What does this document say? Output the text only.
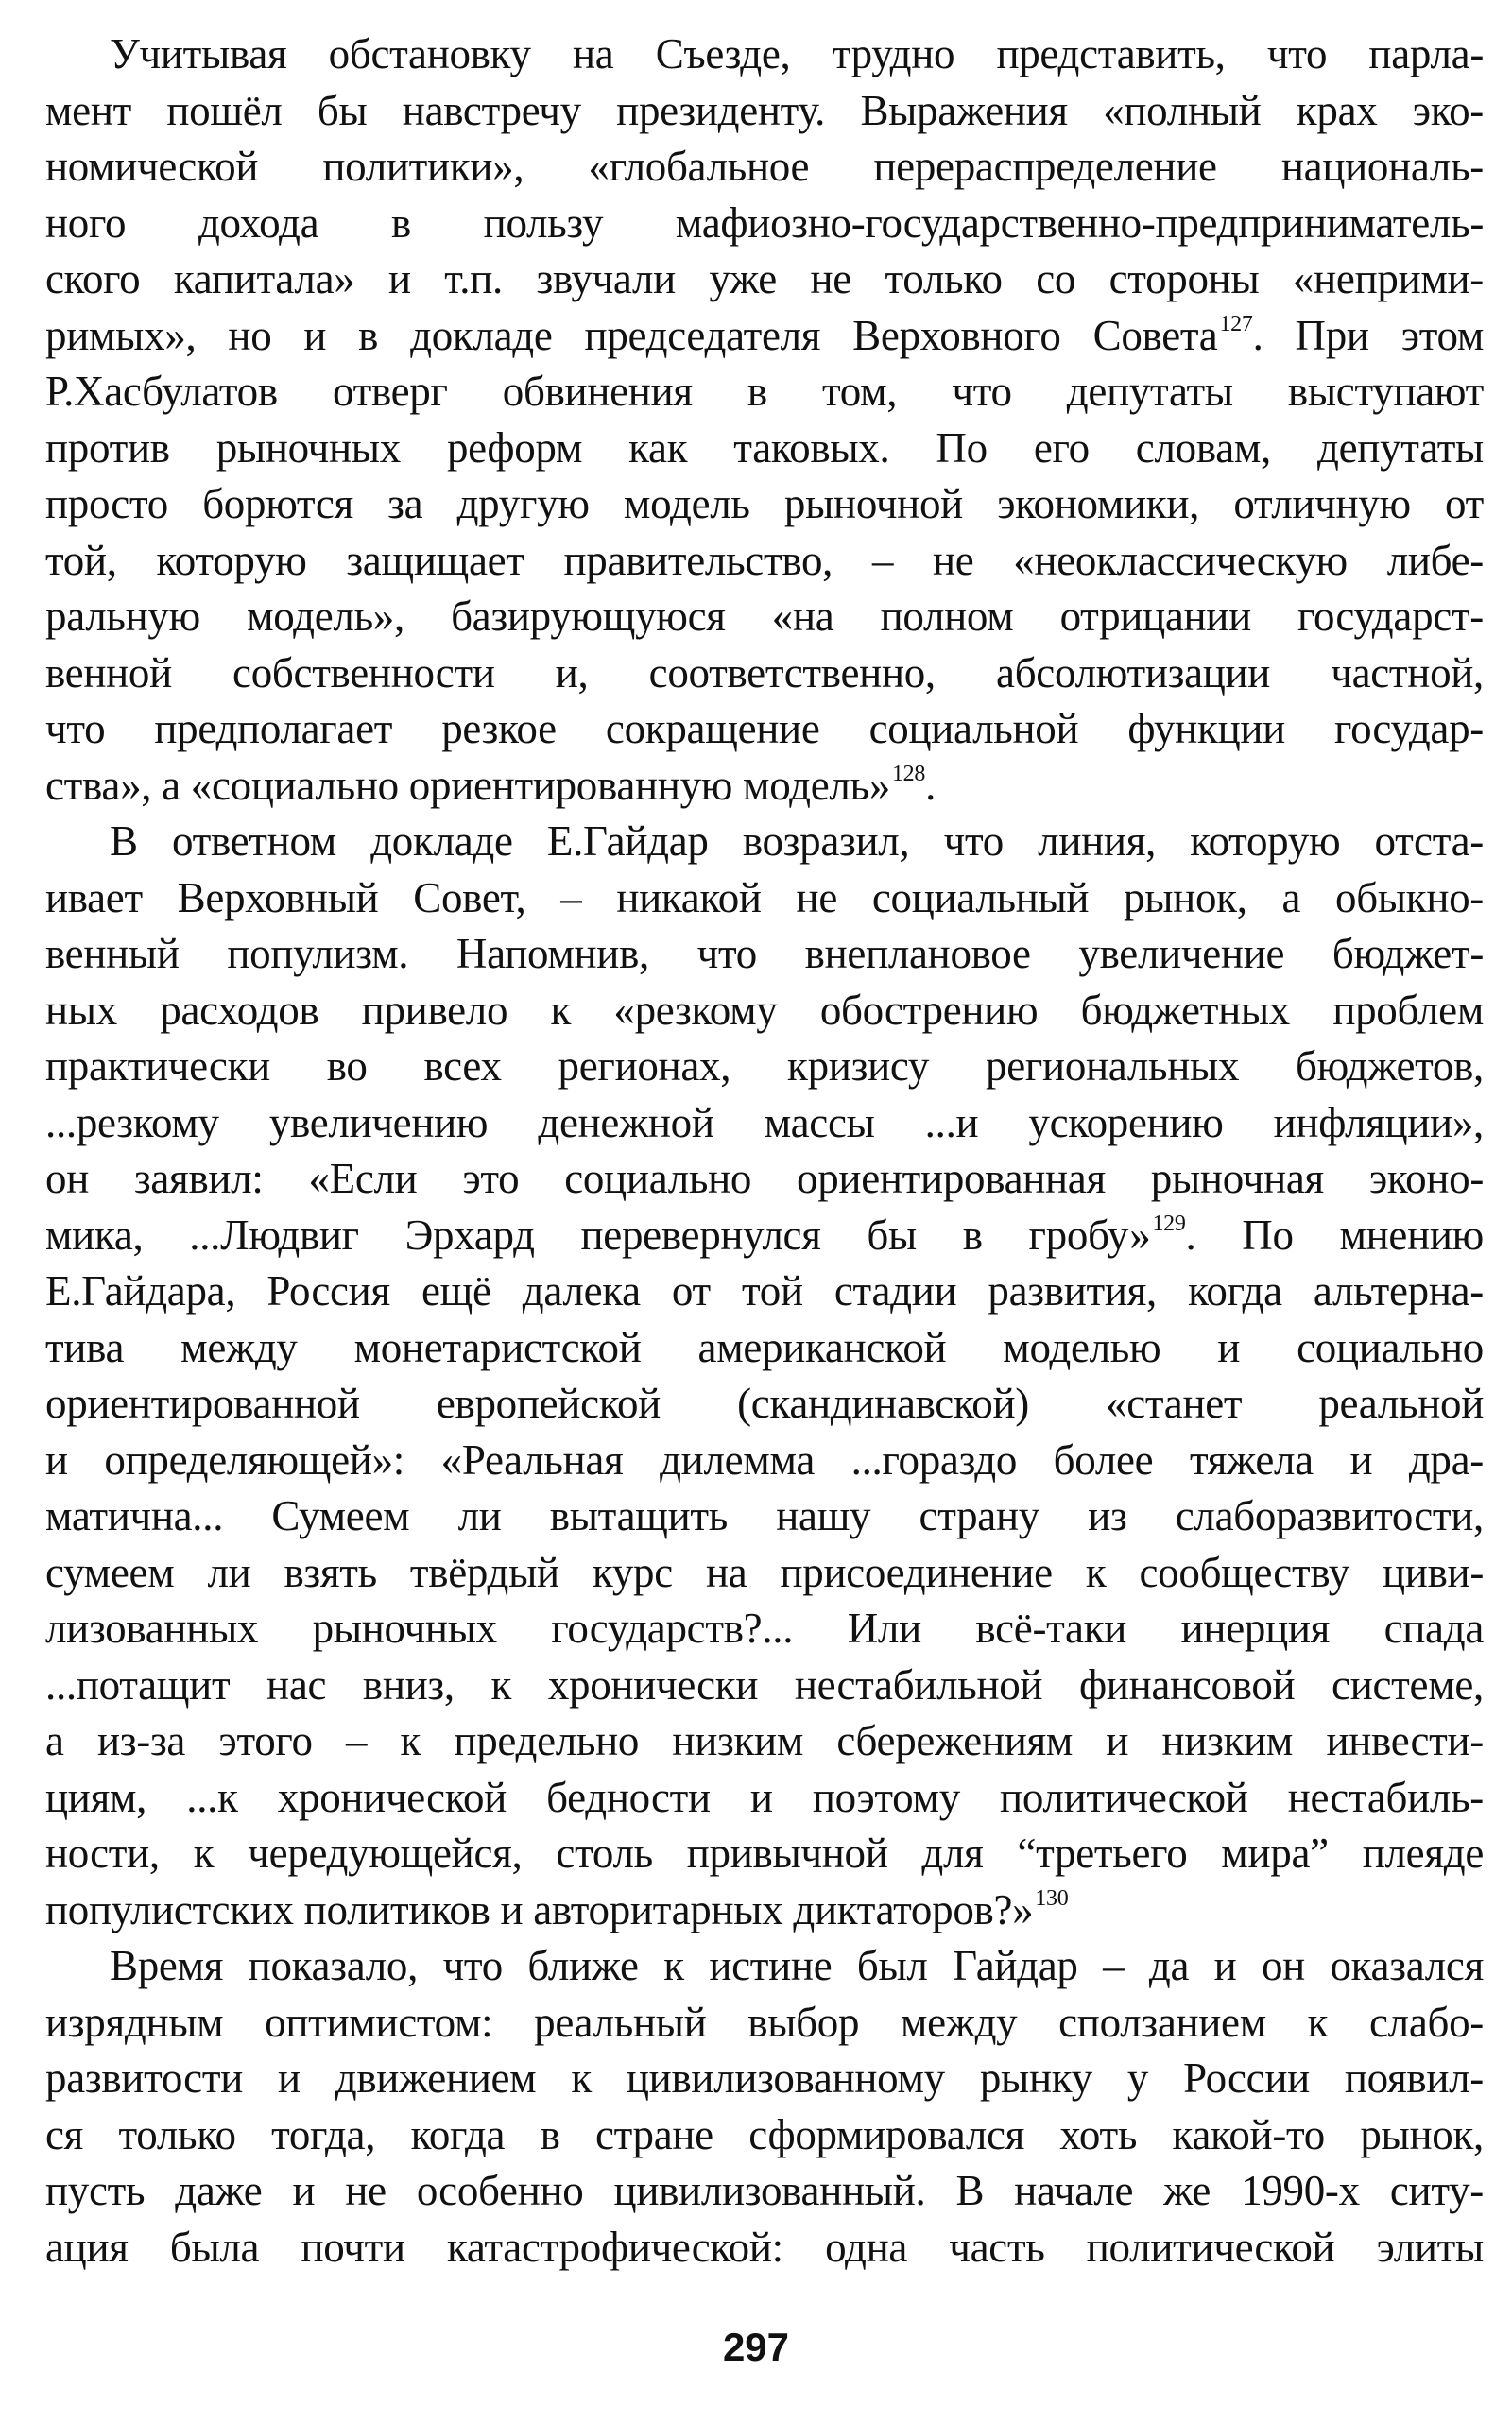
Учитывая обстановку на Съезде, трудно представить, что парла-
мент пошёл бы навстречу президенту. Выражения «полный крах эко-
номической политики», «глобальное перераспределение националь-
ного дохода в пользу мафиозно-государственно-предприниматель-
ского капитала» и т.п. звучали уже не только со стороны «неприми-
римых», но и в докладе председателя Верховного Совета$^{127}$. При этом
Р.Хасбулатов отверг обвинения в том, что депутаты выступают
против рыночных реформ как таковых. По его словам, депутаты
просто борются за другую модель рыночной экономики, отличную от
той, которую защищает правительство, – не «неоклассическую либе-
ральную модель», базирующуюся «на полном отрицании государст-
венной собственности и, соответственно, абсолютизации частной,
что предполагает резкое сокращение социальной функции государ-
ства», а «социально ориентированную модель»$^{128}$.
В ответном докладе Е.Гайдар возразил, что линия, которую отста-
ивает Верховный Совет, – никакой не социальный рынок, а обыкно-
венный популизм. Напомнив, что внеплановое увеличение бюджет-
ных расходов привело к «резкому обострению бюджетных проблем
практически во всех регионах, кризису региональных бюджетов,
...резкому увеличению денежной массы ...и ускорению инфляции»,
он заявил: «Если это социально ориентированная рыночная эконо-
мика, ...Людвиг Эрхард перевернулся бы в гробу»$^{129}$. По мнению
Е.Гайдара, Россия ещё далека от той стадии развития, когда альтерна-
тива между монетаристской американской моделью и социально
ориентированной европейской (скандинавской) «станет реальной
и определяющей»: «Реальная дилемма ...гораздо более тяжела и дра-
матична... Сумеем ли вытащить нашу страну из слаборазвитости,
сумеем ли взять твёрдый курс на присоединение к сообществу циви-
лизованных рыночных государств?... Или всё-таки инерция спада
...потащит нас вниз, к хронически нестабильной финансовой системе,
а из-за этого – к предельно низким сбережениям и низким инвести-
циям, ...к хронической бедности и поэтому политической нестабиль-
ности, к чередующейся, столь привычной для “третьего мира” плеяде
популистских политиков и авторитарных диктаторов?»$^{130}$
Время показало, что ближе к истине был Гайдар – да и он оказался
изрядным оптимистом: реальный выбор между сползанием к слабо-
развитости и движением к цивилизованному рынку у России появил-
ся только тогда, когда в стране сформировался хоть какой-то рынок,
пусть даже и не особенно цивилизованный. В начале же 1990-х ситу-
ация была почти катастрофической: одна часть политической элиты
297
